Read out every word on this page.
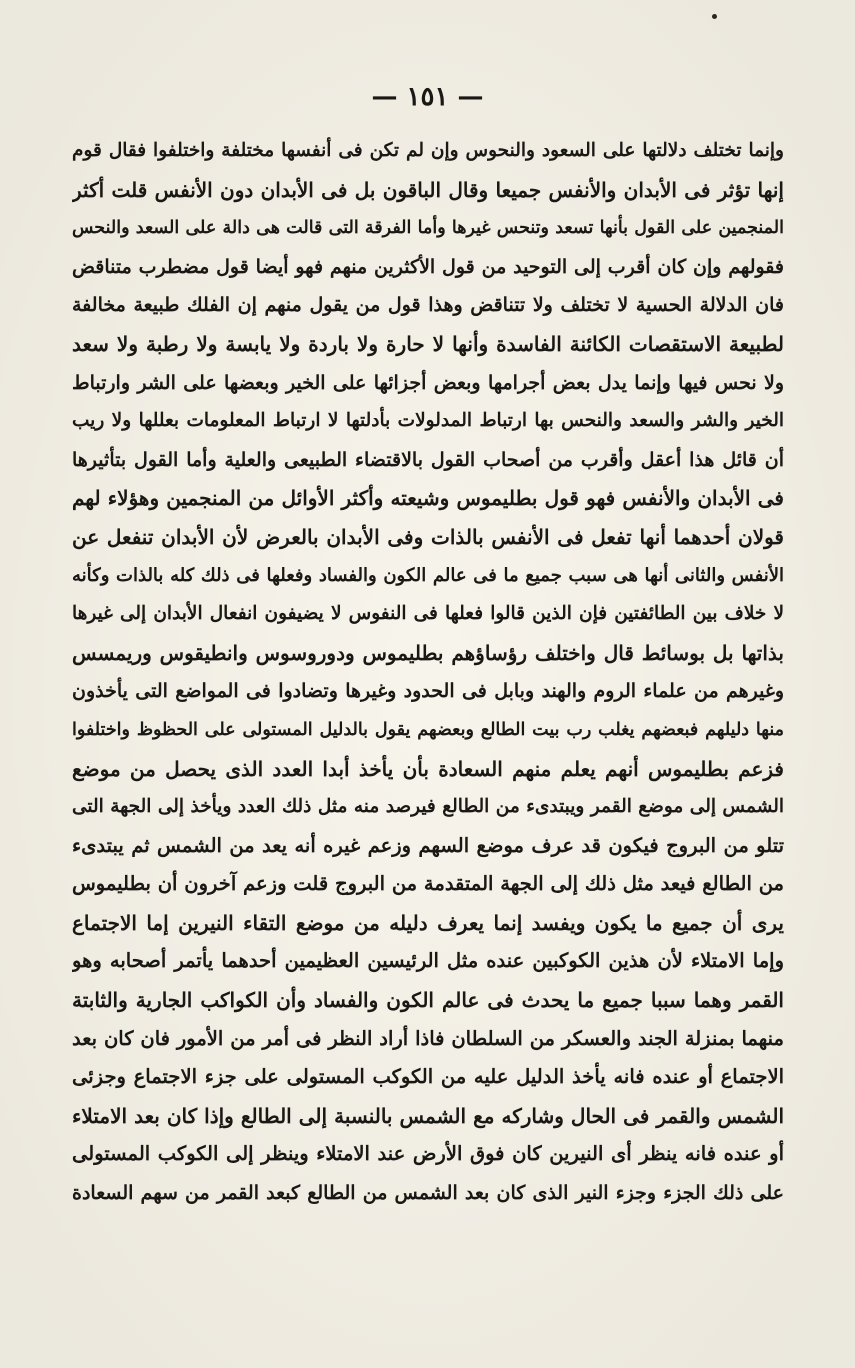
— ١٥١ —
وإنما تختلف دلالتها على السعود والنحوس وإن لم تكن فى أنفسها مختلفة واختلفوا فقال قوم
إنها تؤثر فى الأبدان والأنفس جميعا وقال الباقون بل فى الأبدان دون الأنفس قلت أكثر
المنجمين على القول بأنها تسعد وتنحس غيرها وأما الفرقة التى قالت هى دالة على السعد والنحس
فقولهم وإن كان أقرب إلى التوحيد من قول الأكثرين منهم فهو أيضا قول مضطرب متناقض
فان الدلالة الحسية لا تختلف ولا تتناقض وهذا قول من يقول منهم إن الفلك طبيعة مخالفة
لطبيعة الاستقصات الكائنة الفاسدة وأنها لا حارة ولا باردة ولا يابسة ولا رطبة ولا سعد
ولا نحس فيها وإنما يدل بعض أجرامها وبعض أجزائها على الخير وبعضها على الشر وارتباط
الخير والشر والسعد والنحس بها ارتباط المدلولات بأدلتها لا ارتباط المعلومات بعللها ولا ريب
أن قائل هذا أعقل وأقرب من أصحاب القول بالاقتضاء الطبيعى والعلية وأما القول بتأثيرها
فى الأبدان والأنفس فهو قول بطليموس وشيعته وأكثر الأوائل من المنجمين وهؤلاء لهم
قولان أحدهما أنها تفعل فى الأنفس بالذات وفى الأبدان بالعرض لأن الأبدان تنفعل عن
الأنفس والثانى أنها هى سبب جميع ما فى عالم الكون والفساد وفعلها فى ذلك كله بالذات وكأنه
لا خلاف بين الطائفتين فإن الذين قالوا فعلها فى النفوس لا يضيفون انفعال الأبدان إلى غيرها
بذاتها بل بوسائط قال واختلف رؤساؤهم بطليموس ودوروسوس وانطيقوس وريمسس
وغيرهم من علماء الروم والهند وبابل فى الحدود وغيرها وتضادوا فى المواضع التى يأخذون
منها دليلهم فبعضهم يغلب رب بيت الطالع وبعضهم يقول بالدليل المستولى على الحظوظ واختلفوا
فزعم بطليموس أنهم يعلم منهم السعادة بأن يأخذ أبدا العدد الذى يحصل من موضع
الشمس إلى موضع القمر ويبتدىء من الطالع فيرصد منه مثل ذلك العدد ويأخذ إلى الجهة التى
تتلو من البروج فيكون قد عرف موضع السهم وزعم غيره أنه يعد من الشمس ثم يبتدىء
من الطالع فيعد مثل ذلك إلى الجهة المتقدمة من البروج قلت وزعم آخرون أن بطليموس
يرى أن جميع ما يكون ويفسد إنما يعرف دليله من موضع التقاء النيرين إما الاجتماع
وإما الامتلاء لأن هذين الكوكبين عنده مثل الرئيسين العظيمين أحدهما يأتمر أصحابه وهو
القمر وهما سببا جميع ما يحدث فى عالم الكون والفساد وأن الكواكب الجارية والثابتة
منهما بمنزلة الجند والعسكر من السلطان فاذا أراد النظر فى أمر من الأمور فان كان بعد
الاجتماع أو عنده فانه يأخذ الدليل عليه من الكوكب المستولى على جزء الاجتماع وجزئى
الشمس والقمر فى الحال وشاركه مع الشمس بالنسبة إلى الطالع وإذا كان بعد الامتلاء
أو عنده فانه ينظر أى النيرين كان فوق الأرض عند الامتلاء وينظر إلى الكوكب المستولى
على ذلك الجزء وجزء النير الذى كان بعد الشمس من الطالع كبعد القمر من سهم السعادة
